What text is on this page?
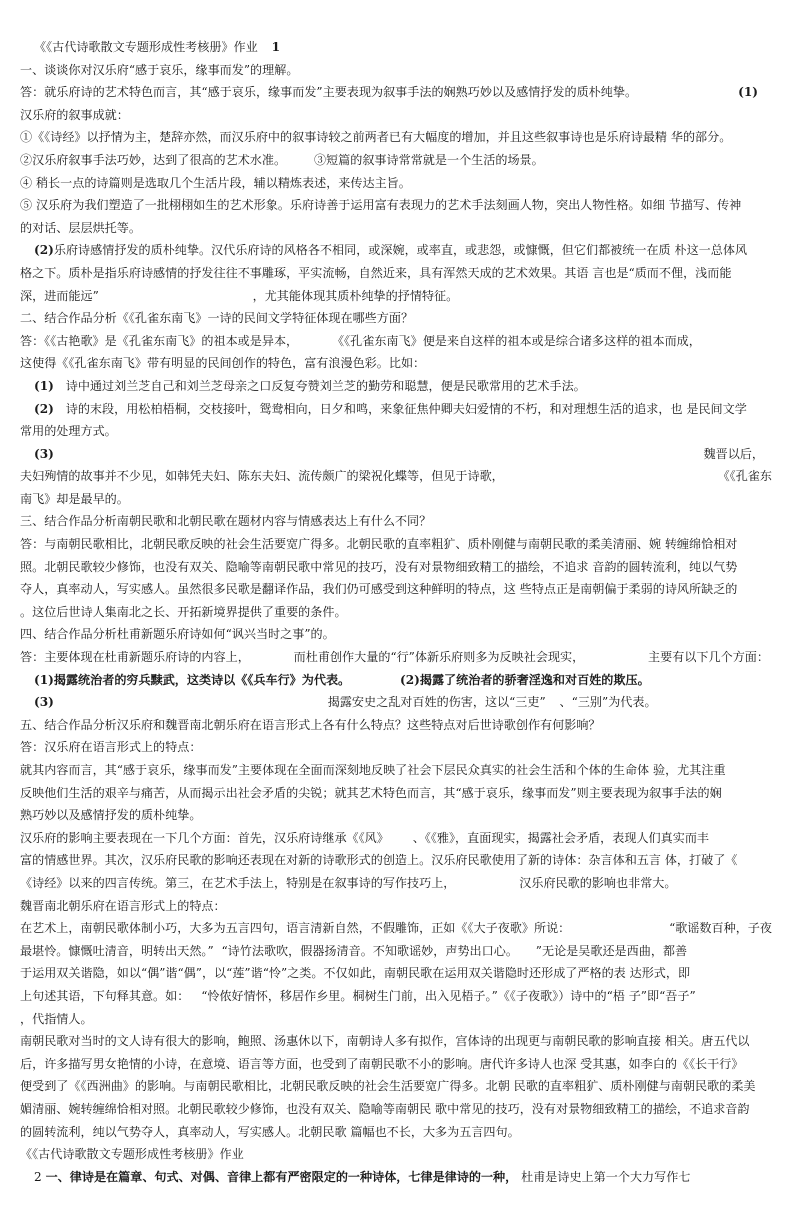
《《古代诗歌散文专题形成性考核册》作业 1
一、谈谈你对汉乐府“感于哀乐，缘事而发”的理解。
答：就乐府诗的艺术特色而言，其“感于哀乐，缘事而发”主要表现为叙事手法的娴熟巧妙以及感情抒发的质朴纯挚。	(1)
汉乐府的叙事成就：
①《《诗经》以抒情为主，楚辞亦然，而汉乐府中的叙事诗较之前两者已有大幅度的增加，并且这些叙事诗也是乐府诗最精 华的部分。
②汉乐府叙事手法巧妙，达到了很高的艺术水准。 ③短篇的叙事诗常常就是一个生活的场景。
④ 稍长一点的诗篇则是选取几个生活片段，辅以精炼表述，来传达主旨。
⑤ 汉乐府为我们塑造了一批栩栩如生的艺术形象。乐府诗善于运用富有表现力的艺术手法刻画人物，突出人物性格。如细 节描写、传神
的对话、层层烘托等。
(2)乐府诗感情抒发的质朴纯挚。汉代乐府诗的风格各不相同，或深婉，或率直，或悲怨，或慷慨，但它们都被统一在质 朴这一总体风
格之下。质朴是指乐府诗感情的抒发往往不事雕琢，平实流畅，自然近来，具有浑然天成的艺术效果。其语 言也是“质而不俚，浅而能
深，进而能远”	，尤其能体现其质朴纯挚的抒情特征。
二、结合作品分析《《孔雀东南飞》一诗的民间文学特征体现在哪些方面？
答：《《古艳歌》是《孔雀东南飞》的祖本或是异本，	《《孔雀东南飞》便是来自这样的祖本或是综合诸多这样的祖本而成，
这使得《《孔雀东南飞》带有明显的民间创作的特色，富有浪漫色彩。比如：
(1) 诗中通过刘兰芝自己和刘兰芝母亲之口反复夸赞刘兰芝的勤劳和聪慧，便是民歌常用的艺术手法。
(2) 诗的末段，用松柏梧桐，交枝接叶，鸳鸯相向，日夕和鸣，来象征焦仲卿夫妇爱情的不朽，和对理想生活的追求，也 是民间文学
常用的处理方式。
(3)	魏晋以后，
夫妇殉情的故事并不少见，如韩凭夫妇、陈东夫妇、流传颇广的梁祝化蝶等，但见于诗歌，	《《孔雀东
南飞》却是最早的。
三、结合作品分析南朝民歌和北朝民歌在题材内容与情感表达上有什么不同？
答：与南朝民歌相比，北朝民歌反映的社会生活要宽广得多。北朝民歌的直率粗犷、质朴刚健与南朝民歌的柔美清丽、婉 转缠绵恰相对
照。北朝民歌较少修饰，也没有双关、隐喻等南朝民歌中常见的技巧，没有对景物细致精工的描绘，不追求 音韵的圆转流利，纯以气势
夺人，真率动人，写实感人。虽然很多民歌是翻译作品，我们仍可感受到这种鲜明的特点，这 些特点正是南朝偏于柔弱的诗风所缺乏的
。这位后世诗人集南北之长、开拓新境界提供了重要的条件。
四、结合作品分析杜甫新题乐府诗如何“讽兴当时之事”的。
答：主要体现在杜甫新题乐府诗的内容上，	而杜甫创作大量的“行”体新乐府则多为反映社会现实，	主要有以下几个方面：
(1)揭露统治者的穷兵黩武，这类诗以《《兵车行》为代表。	(2)揭露了统治者的骄奢淫逸和对百姓的欺压。
(3)	揭露安史之乱对百姓的伤害，这以“三吏” 、“三别”为代表。
五、结合作品分析汉乐府和魏晋南北朝乐府在语言形式上各有什么特点？这些特点对后世诗歌创作有何影响？
答：汉乐府在语言形式上的特点：
就其内容而言，其“感于哀乐，缘事而发”主要体现在全面而深刻地反映了社会下层民众真实的社会生活和个体的生命体 验，尤其注重
反映他们生活的艰辛与痛苦，从而揭示出社会矛盾的尖锐；就其艺术特色而言，其“感于哀乐，缘事而发”则主要表现为叙事手法的娴
熟巧妙以及感情抒发的质朴纯挚。
汉乐府的影响主要表现在一下几个方面：首先，汉乐府诗继承《《风》 、《《雅》，直面现实，揭露社会矛盾，表现人们真实而丰
富的情感世界。其次，汉乐府民歌的影响还表现在对新的诗歌形式的创造上。汉乐府民歌使用了新的诗体：杂言体和五言 体，打破了《
《诗经》以来的四言传统。第三，在艺术手法上，特别是在叙事诗的写作技巧上，	汉乐府民歌的影响也非常大。
魏晋南北朝乐府在语言形式上的特点：
在艺术上，南朝民歌体制小巧，大多为五言四句，语言清新自然，不假雕饰，正如《《大子夜歌》所说：	“歌谣数百种，子夜
最堪怜。慷慨吐清音，明转出天然。” “诗竹法歌吹，假器扬清音。不知歌谣妙，声势出口心。 ”无论是吴歌还是西曲，都善
于运用双关谐隐，如以“偶”谐“偶”，以“莲”谐“怜”之类。不仅如此，南朝民歌在运用双关谐隐时还形成了严格的表 达形式，即
上句述其语，下句释其意。如： “怜侬好情怀，移居作乡里。桐树生门前，出入见梧子。”《《子夜歌》）诗中的“梧 子”即“吾子”
，代指情人。
南朝民歌对当时的文人诗有很大的影响，鲍照、汤惠休以下，南朝诗人多有拟作，宫体诗的出现更与南朝民歌的影响直接 相关。唐五代以
后，许多描写男女艳情的小诗，在意境、语言等方面，也受到了南朝民歌不小的影响。唐代许多诗人也深 受其惠，如李白的《《长干行》
便受到了《《西洲曲》的影响。与南朝民歌相比，北朝民歌反映的社会生活要宽广得多。北朝 民歌的直率粗犷、质朴刚健与南朝民歌的柔美
媚清丽、婉转缠绵恰相对照。北朝民歌较少修饰，也没有双关、隐喻等南朝民 歌中常见的技巧，没有对景物细致精工的描绘，不追求音韵
的圆转流利，纯以气势夺人，真率动人，写实感人。北朝民歌 篇幅也不长，大多为五言四句。
《《古代诗歌散文专题形成性考核册》作业
2 一、律诗是在篇章、句式、对偶、音律上都有严密限定的一种诗体，七律是律诗的一种， 杜甫是诗史上第一个大力写作七
